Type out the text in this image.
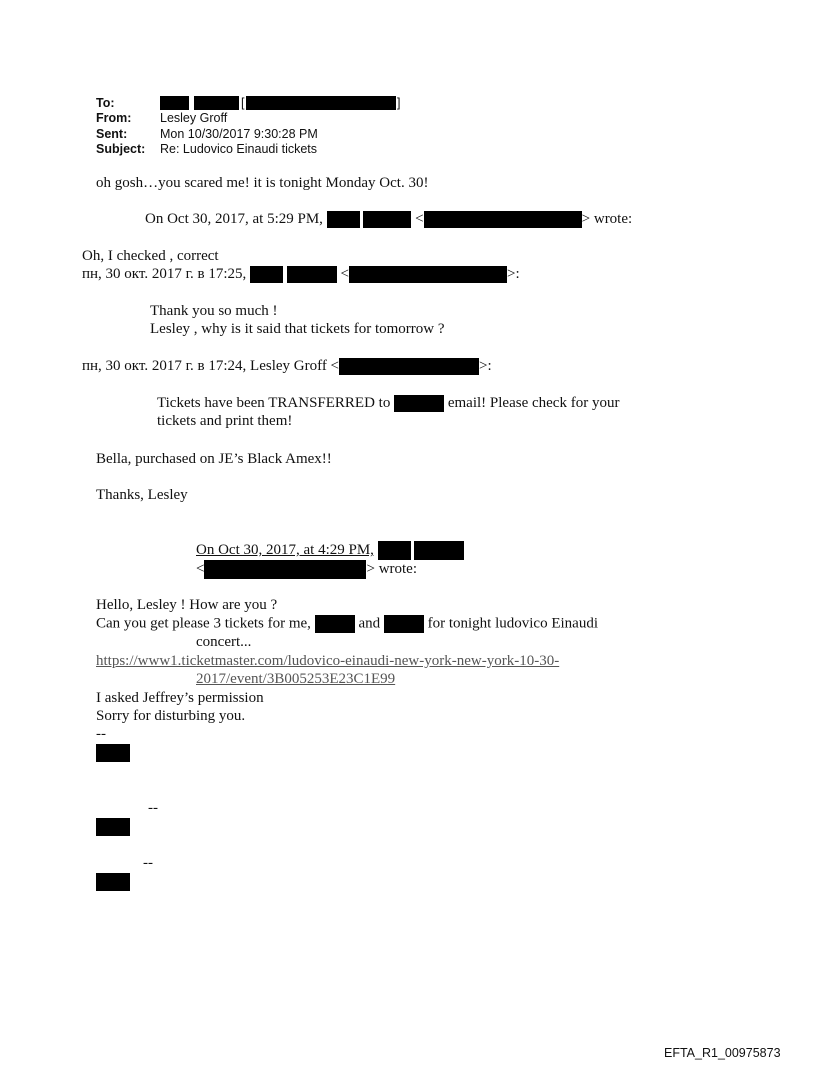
To:	[	]
From: Lesley Groff
Sent:	Mon 10/30/2017 9:30:28 PM
Subject: Re: Ludovico Einaudi tickets
oh gosh…you scared me! it is tonight Monday Oct. 30!
On Oct 30, 2017, at 5:29 PM,	<	> wrote:
Oh, I checked , correct
пн, 30 окт. 2017 г. в 17:25,	<	>:
Thank you so much !
Lesley , why is it said that tickets for tomorrow ?
пн, 30 окт. 2017 г. в 17:24, Lesley Groff <	>:
Tickets have been TRANSFERRED to	email! Please check for your
tickets and print them!
Bella, purchased on JE’s Black Amex!!
Thanks, Lesley
On Oct 30, 2017, at 4:29 PM,
<	> wrote:
Hello, Lesley ! How are you ?
Can you get please 3 tickets for me,	and	for tonight ludovico Einaudi
concert...
https://www1.ticketmaster.com/ludovico-einaudi-new-york-new-york-10-30-
2017/event/3B005253E23C1E99
I asked Jeffrey’s permission
Sorry for disturbing you.
--
--
--
EFTA_R1_00975873
